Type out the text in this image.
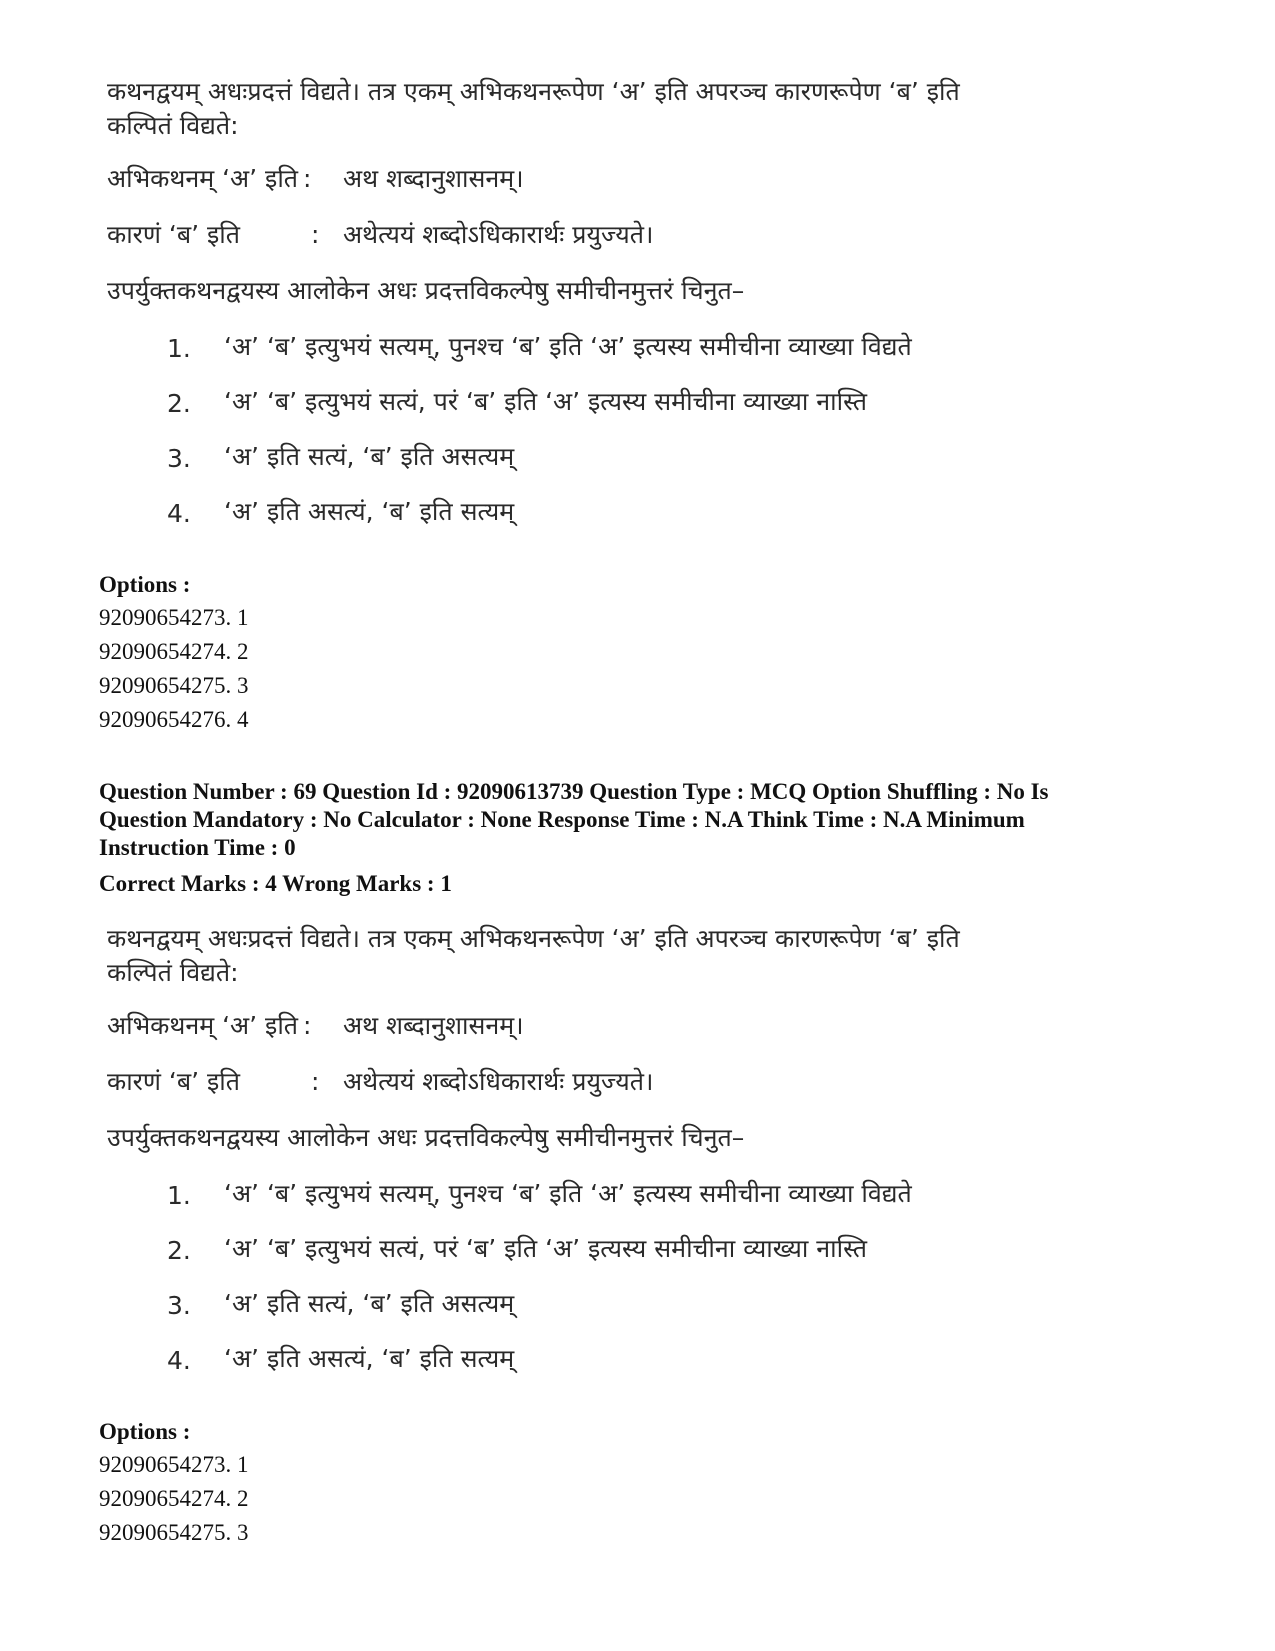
कथनद्वयम् अधःप्रदत्तं विद्यते। तत्र एकम् अभिकथनरूपेण ‘अ’ इति अपरञ्च कारणरूपेण ‘ब’ इति
कल्पितं विद्यते:
अभिकथनम् ‘अ’ इति : अथ शब्दानुशासनम्।
कारणं ‘ब’ इति	: अथेत्ययं शब्दोऽधिकारार्थः प्रयुज्यते।
उपर्युक्तकथनद्वयस्य आलोकेन अधः प्रदत्तविकल्पेषु समीचीनमुत्तरं चिनुत–
1. ‘अ’ ‘ब’ इत्युभयं सत्यम्, पुनश्च ‘ब’ इति ‘अ’ इत्यस्य समीचीना व्याख्या विद्यते
2. ‘अ’ ‘ब’ इत्युभयं सत्यं, परं ‘ब’ इति ‘अ’ इत्यस्य समीचीना व्याख्या नास्ति
3. ‘अ’ इति सत्यं, ‘ब’ इति असत्यम्
4. ‘अ’ इति असत्यं, ‘ब’ इति सत्यम्
Options :
92090654273. 1
92090654274. 2
92090654275. 3
92090654276. 4
Question Number : 69 Question Id : 92090613739 Question Type : MCQ Option Shuffling : No Is
Question Mandatory : No Calculator : None Response Time : N.A Think Time : N.A Minimum
Instruction Time : 0
Correct Marks : 4 Wrong Marks : 1
कथनद्वयम् अधःप्रदत्तं विद्यते। तत्र एकम् अभिकथनरूपेण ‘अ’ इति अपरञ्च कारणरूपेण ‘ब’ इति
कल्पितं विद्यते:
अभिकथनम् ‘अ’ इति : अथ शब्दानुशासनम्।
कारणं ‘ब’ इति	: अथेत्ययं शब्दोऽधिकारार्थः प्रयुज्यते।
उपर्युक्तकथनद्वयस्य आलोकेन अधः प्रदत्तविकल्पेषु समीचीनमुत्तरं चिनुत–
1. ‘अ’ ‘ब’ इत्युभयं सत्यम्, पुनश्च ‘ब’ इति ‘अ’ इत्यस्य समीचीना व्याख्या विद्यते
2. ‘अ’ ‘ब’ इत्युभयं सत्यं, परं ‘ब’ इति ‘अ’ इत्यस्य समीचीना व्याख्या नास्ति
3. ‘अ’ इति सत्यं, ‘ब’ इति असत्यम्
4. ‘अ’ इति असत्यं, ‘ब’ इति सत्यम्
Options :
92090654273. 1
92090654274. 2
92090654275. 3
